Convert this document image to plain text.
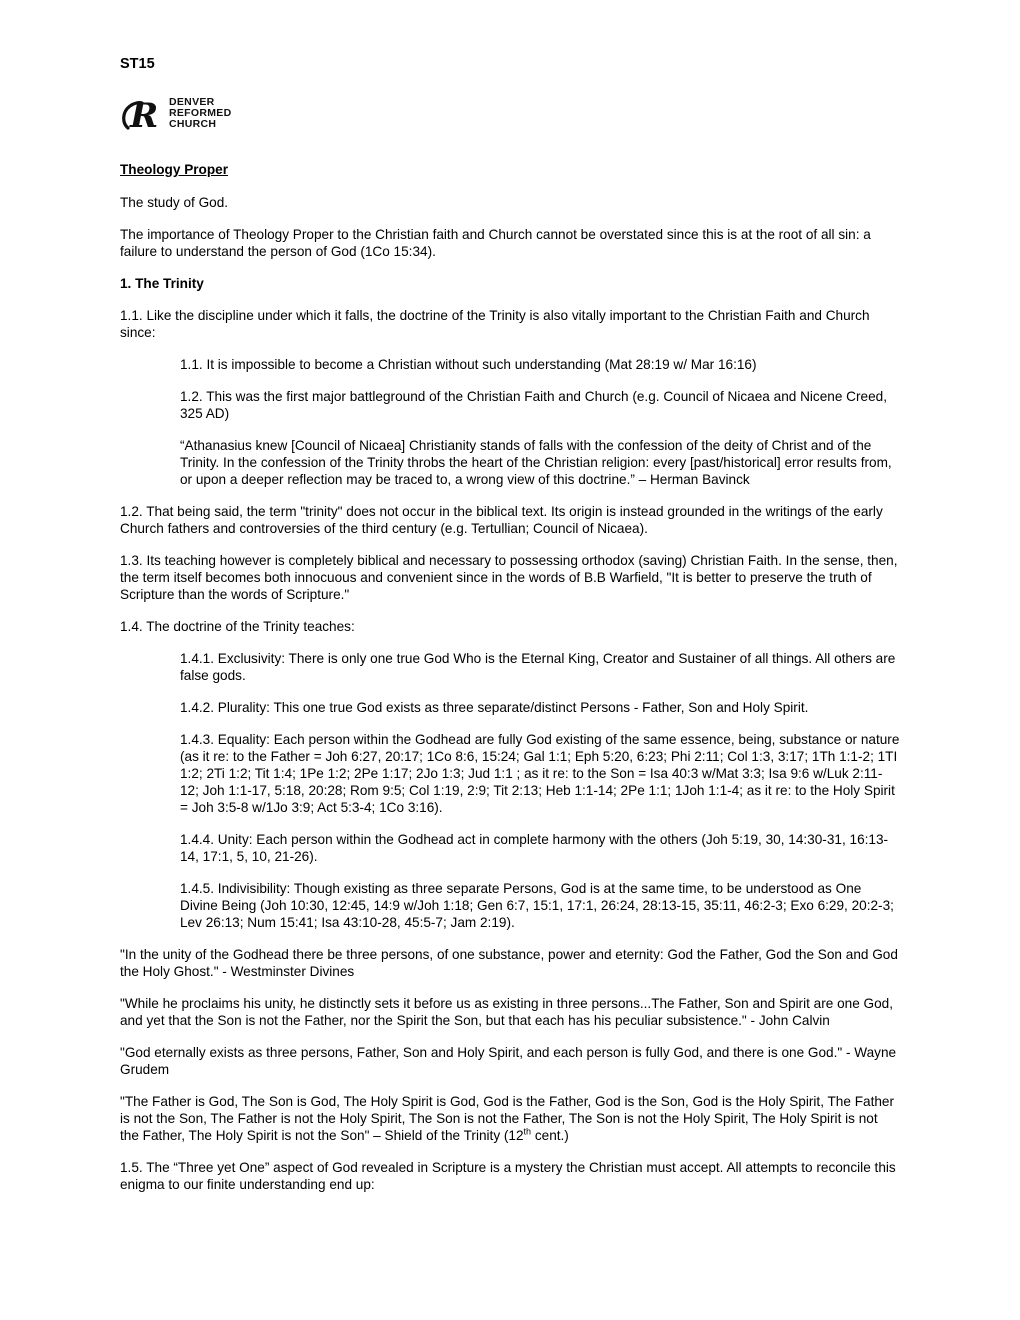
ST15
R DENVER
REFORMED
CHURCH
Theology Proper
The study of God.
The importance of Theology Proper to the Christian faith and Church cannot be overstated since this is at the root of all sin: a failure to understand the person of God (1Co 15:34).
1. The Trinity
1.1. Like the discipline under which it falls, the doctrine of the Trinity is also vitally important to the Christian Faith and Church since:
1.1. It is impossible to become a Christian without such understanding (Mat 28:19 w/ Mar 16:16)
1.2. This was the first major battleground of the Christian Faith and Church (e.g. Council of Nicaea and Nicene Creed, 325 AD)
“Athanasius knew [Council of Nicaea] Christianity stands of falls with the confession of the deity of Christ and of the Trinity. In the confession of the Trinity throbs the heart of the Christian religion: every [past/historical] error results from, or upon a deeper reflection may be traced to, a wrong view of this doctrine.” – Herman Bavinck
1.2. That being said, the term "trinity" does not occur in the biblical text. Its origin is instead grounded in the writings of the early Church fathers and controversies of the third century (e.g. Tertullian; Council of Nicaea).
1.3. Its teaching however is completely biblical and necessary to possessing orthodox (saving) Christian Faith. In the sense, then, the term itself becomes both innocuous and convenient since in the words of B.B Warfield, "It is better to preserve the truth of Scripture than the words of Scripture."
1.4. The doctrine of the Trinity teaches:
1.4.1. Exclusivity: There is only one true God Who is the Eternal King, Creator and Sustainer of all things. All others are false gods.
1.4.2. Plurality: This one true God exists as three separate/distinct Persons - Father, Son and Holy Spirit.
1.4.3. Equality: Each person within the Godhead are fully God existing of the same essence, being, substance or nature (as it re: to the Father = Joh 6:27, 20:17; 1Co 8:6, 15:24; Gal 1:1; Eph 5:20, 6:23; Phi 2:11; Col 1:3, 3:17; 1Th 1:1-2; 1TI 1:2; 2Ti 1:2; Tit 1:4; 1Pe 1:2; 2Pe 1:17; 2Jo 1:3; Jud 1:1 ; as it re: to the Son = Isa 40:3 w/Mat 3:3; Isa 9:6 w/Luk 2:11-12; Joh 1:1-17, 5:18, 20:28; Rom 9:5; Col 1:19, 2:9; Tit 2:13; Heb 1:1-14; 2Pe 1:1; 1Joh 1:1-4; as it re: to the Holy Spirit = Joh 3:5-8 w/1Jo 3:9; Act 5:3-4; 1Co 3:16).
1.4.4. Unity: Each person within the Godhead act in complete harmony with the others (Joh 5:19, 30, 14:30-31, 16:13-14, 17:1, 5, 10, 21-26).
1.4.5. Indivisibility: Though existing as three separate Persons, God is at the same time, to be understood as One Divine Being (Joh 10:30, 12:45, 14:9 w/Joh 1:18; Gen 6:7, 15:1, 17:1, 26:24, 28:13-15, 35:11, 46:2-3; Exo 6:29, 20:2-3; Lev 26:13; Num 15:41; Isa 43:10-28, 45:5-7; Jam 2:19).
"In the unity of the Godhead there be three persons, of one substance, power and eternity: God the Father, God the Son and God the Holy Ghost." - Westminster Divines
"While he proclaims his unity, he distinctly sets it before us as existing in three persons...The Father, Son and Spirit are one God, and yet that the Son is not the Father, nor the Spirit the Son, but that each has his peculiar subsistence." - John Calvin
"God eternally exists as three persons, Father, Son and Holy Spirit, and each person is fully God, and there is one God." - Wayne Grudem
"The Father is God, The Son is God, The Holy Spirit is God, God is the Father, God is the Son, God is the Holy Spirit, The Father is not the Son, The Father is not the Holy Spirit, The Son is not the Father, The Son is not the Holy Spirit, The Holy Spirit is not the Father, The Holy Spirit is not the Son" – Shield of the Trinity (12th cent.)
1.5. The “Three yet One” aspect of God revealed in Scripture is a mystery the Christian must accept. All attempts to reconcile this enigma to our finite understanding end up:
